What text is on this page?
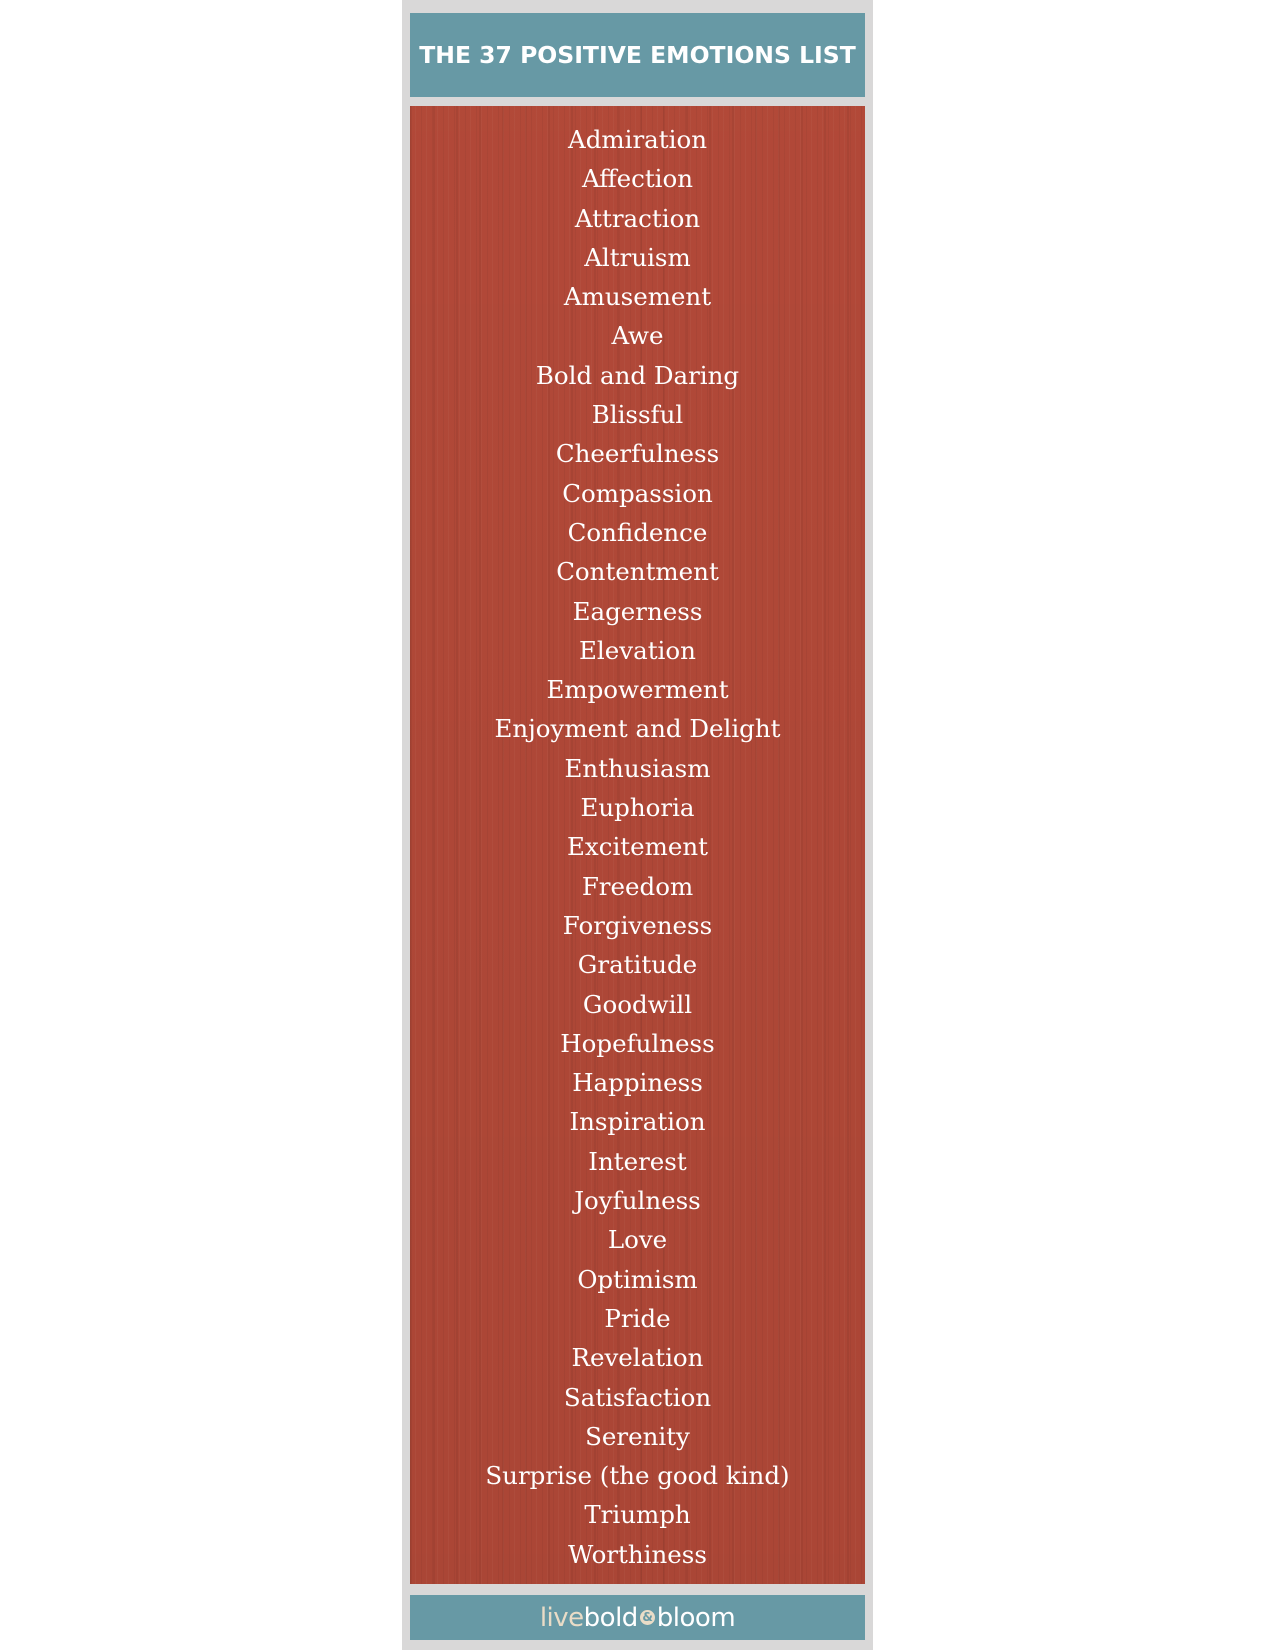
THE 37 POSITIVE EMOTIONS LIST
Admiration
Affection
Attraction
Altruism
Amusement
Awe
Bold and Daring
Blissful
Cheerfulness
Compassion
Confidence
Contentment
Eagerness
Elevation
Empowerment
Enjoyment and Delight
Enthusiasm
Euphoria
Excitement
Freedom
Forgiveness
Gratitude
Goodwill
Hopefulness
Happiness
Inspiration
Interest
Joyfulness
Love
Optimism
Pride
Revelation
Satisfaction
Serenity
Surprise (the good kind)
Triumph
Worthiness
live bold & bloom
